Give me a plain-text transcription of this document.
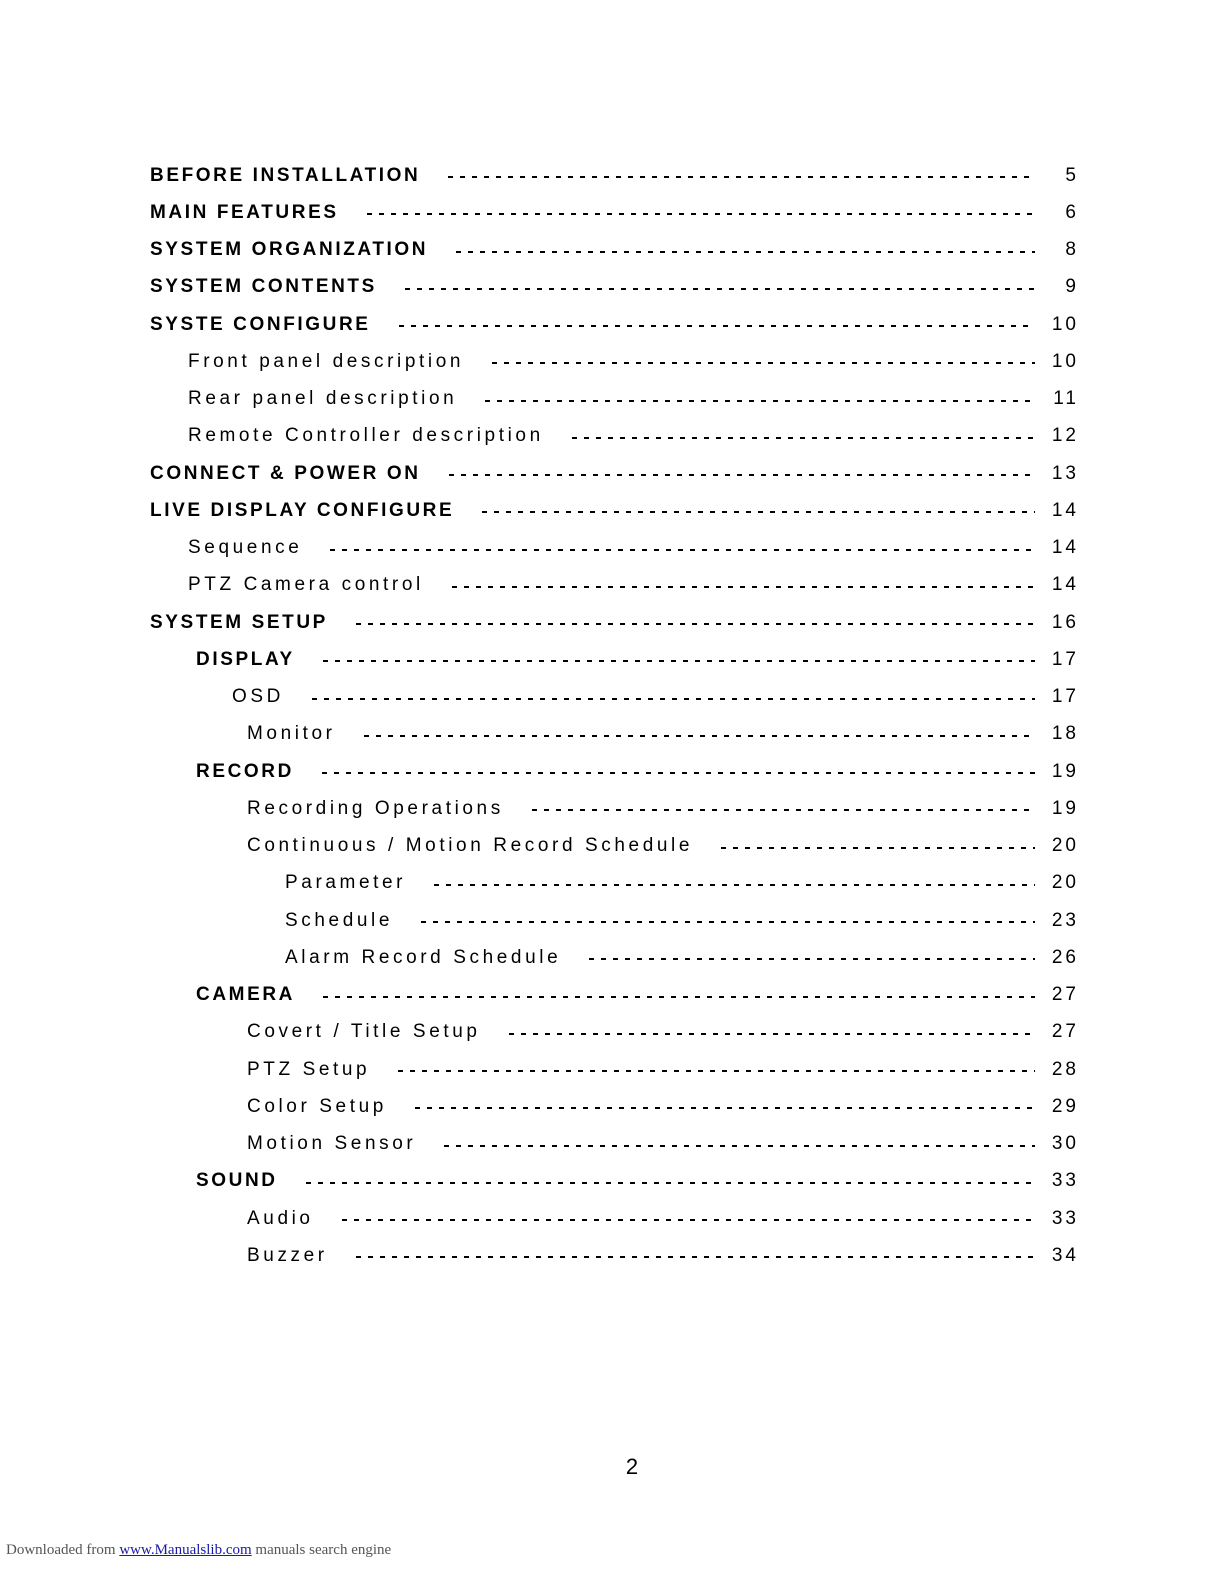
BEFORE INSTALLATION	5
MAIN FEATURES	6
SYSTEM ORGANIZATION	8
SYSTEM CONTENTS	9
SYSTE CONFIGURE	10
Front panel description	10
Rear panel description	11
Remote Controller description	12
CONNECT & POWER ON	13
LIVE DISPLAY CONFIGURE	14
Sequence	14
PTZ Camera control	14
SYSTEM SETUP	16
DISPLAY	17
OSD	17
Monitor	18
RECORD	19
Recording Operations	19
Continuous / Motion Record Schedule	20
Parameter	20
Schedule	23
Alarm Record Schedule	26
CAMERA	27
Covert / Title Setup	27
PTZ Setup	28
Color Setup	29
Motion Sensor	30
SOUND	33
Audio	33
Buzzer	34
2
Downloaded from www.Manualslib.com manuals search engine
